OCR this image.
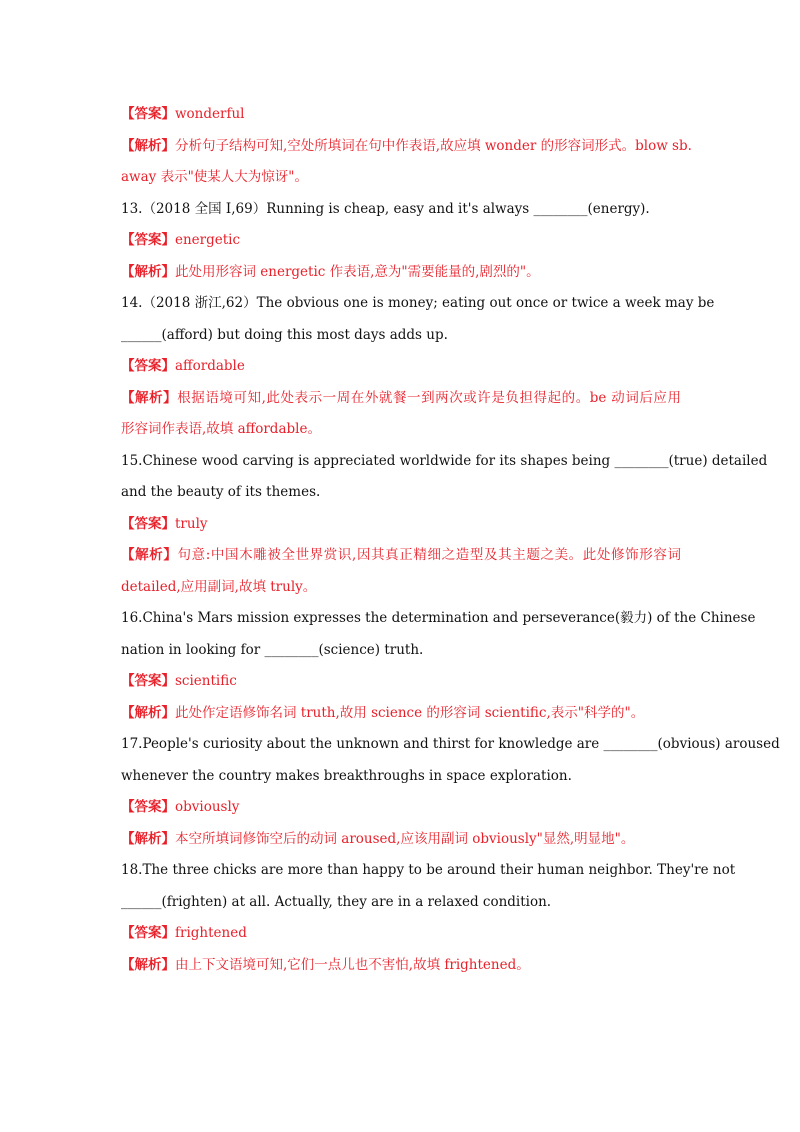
【答案】wonderful
【解析】分析句子结构可知,空处所填词在句中作表语,故应填 wonder 的形容词形式。blow sb.
away 表示"使某人大为惊讶"。
13.（2018 全国 I,69）Running is cheap, easy and it's always ________(energy).
【答案】energetic
【解析】此处用形容词 energetic 作表语,意为"需要能量的,剧烈的"。
14.（2018 浙江,62）The obvious one is money; eating out once or twice a week may be
______(afford) but doing this most days adds up.
【答案】affordable
【解析】根据语境可知,此处表示一周在外就餐一到两次或许是负担得起的。be 动词后应用
形容词作表语,故填 affordable。
15.Chinese wood carving is appreciated worldwide for its shapes being ________(true) detailed
and the beauty of its themes.
【答案】truly
【解析】句意:中国木雕被全世界赏识,因其真正精细之造型及其主题之美。此处修饰形容词
detailed,应用副词,故填 truly。
16.China's Mars mission expresses the determination and perseverance(毅力) of the Chinese
nation in looking for ________(science) truth.
【答案】scientific
【解析】此处作定语修饰名词 truth,故用 science 的形容词 scientific,表示"科学的"。
17.People's curiosity about the unknown and thirst for knowledge are ________(obvious) aroused
whenever the country makes breakthroughs in space exploration.
【答案】obviously
【解析】本空所填词修饰空后的动词 aroused,应该用副词 obviously"显然,明显地"。
18.The three chicks are more than happy to be around their human neighbor. They're not
______(frighten) at all. Actually, they are in a relaxed condition.
【答案】frightened
【解析】由上下文语境可知,它们一点儿也不害怕,故填 frightened。
